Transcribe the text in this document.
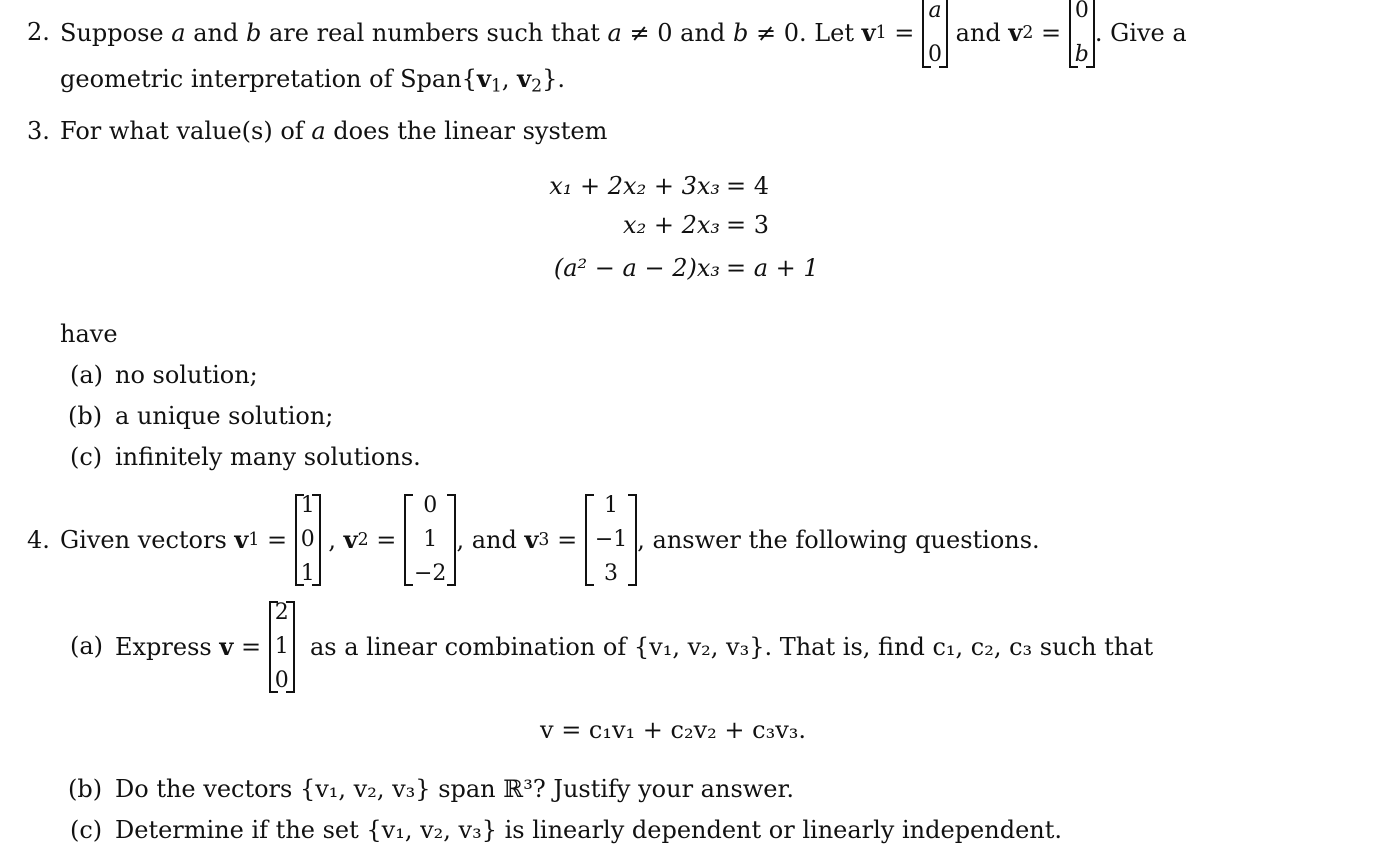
2. Suppose
a
and
b
are real numbers such that
a
≠ 0
and
b
≠ 0 . Let
v 1
=

a
0

and
v 2
=

0
b
. Give a
geometric interpretation of $Span\{v_1$, $v_2$}.
3. For what value(s) of a does the linear system
x₁ + 2x₂ + 3x₃ = 4
x₂ + 2x₃ = 3
(a² − a − 2)x₃ = a + 1
have
(a) no solution;
(b) a unique solution;
(c) infinitely many solutions.
4. Given vectors
v 1
=

1
0
1
, v 2
=

0
1
−2
, and
v 3
=

1
−1
3
, answer the following questions.
(a) Express
v
=

2
1
0

as a linear combination of {v₁, v₂, v₃}. That is, find c₁, c₂, c₃ such that
v = c₁v₁ + c₂v₂ + c₃v₃.
(b) Do the vectors {v₁, v₂, v₃} span ℝ³? Justify your answer.
(c) Determine if the set {v₁, v₂, v₃} is linearly dependent or linearly independent.
